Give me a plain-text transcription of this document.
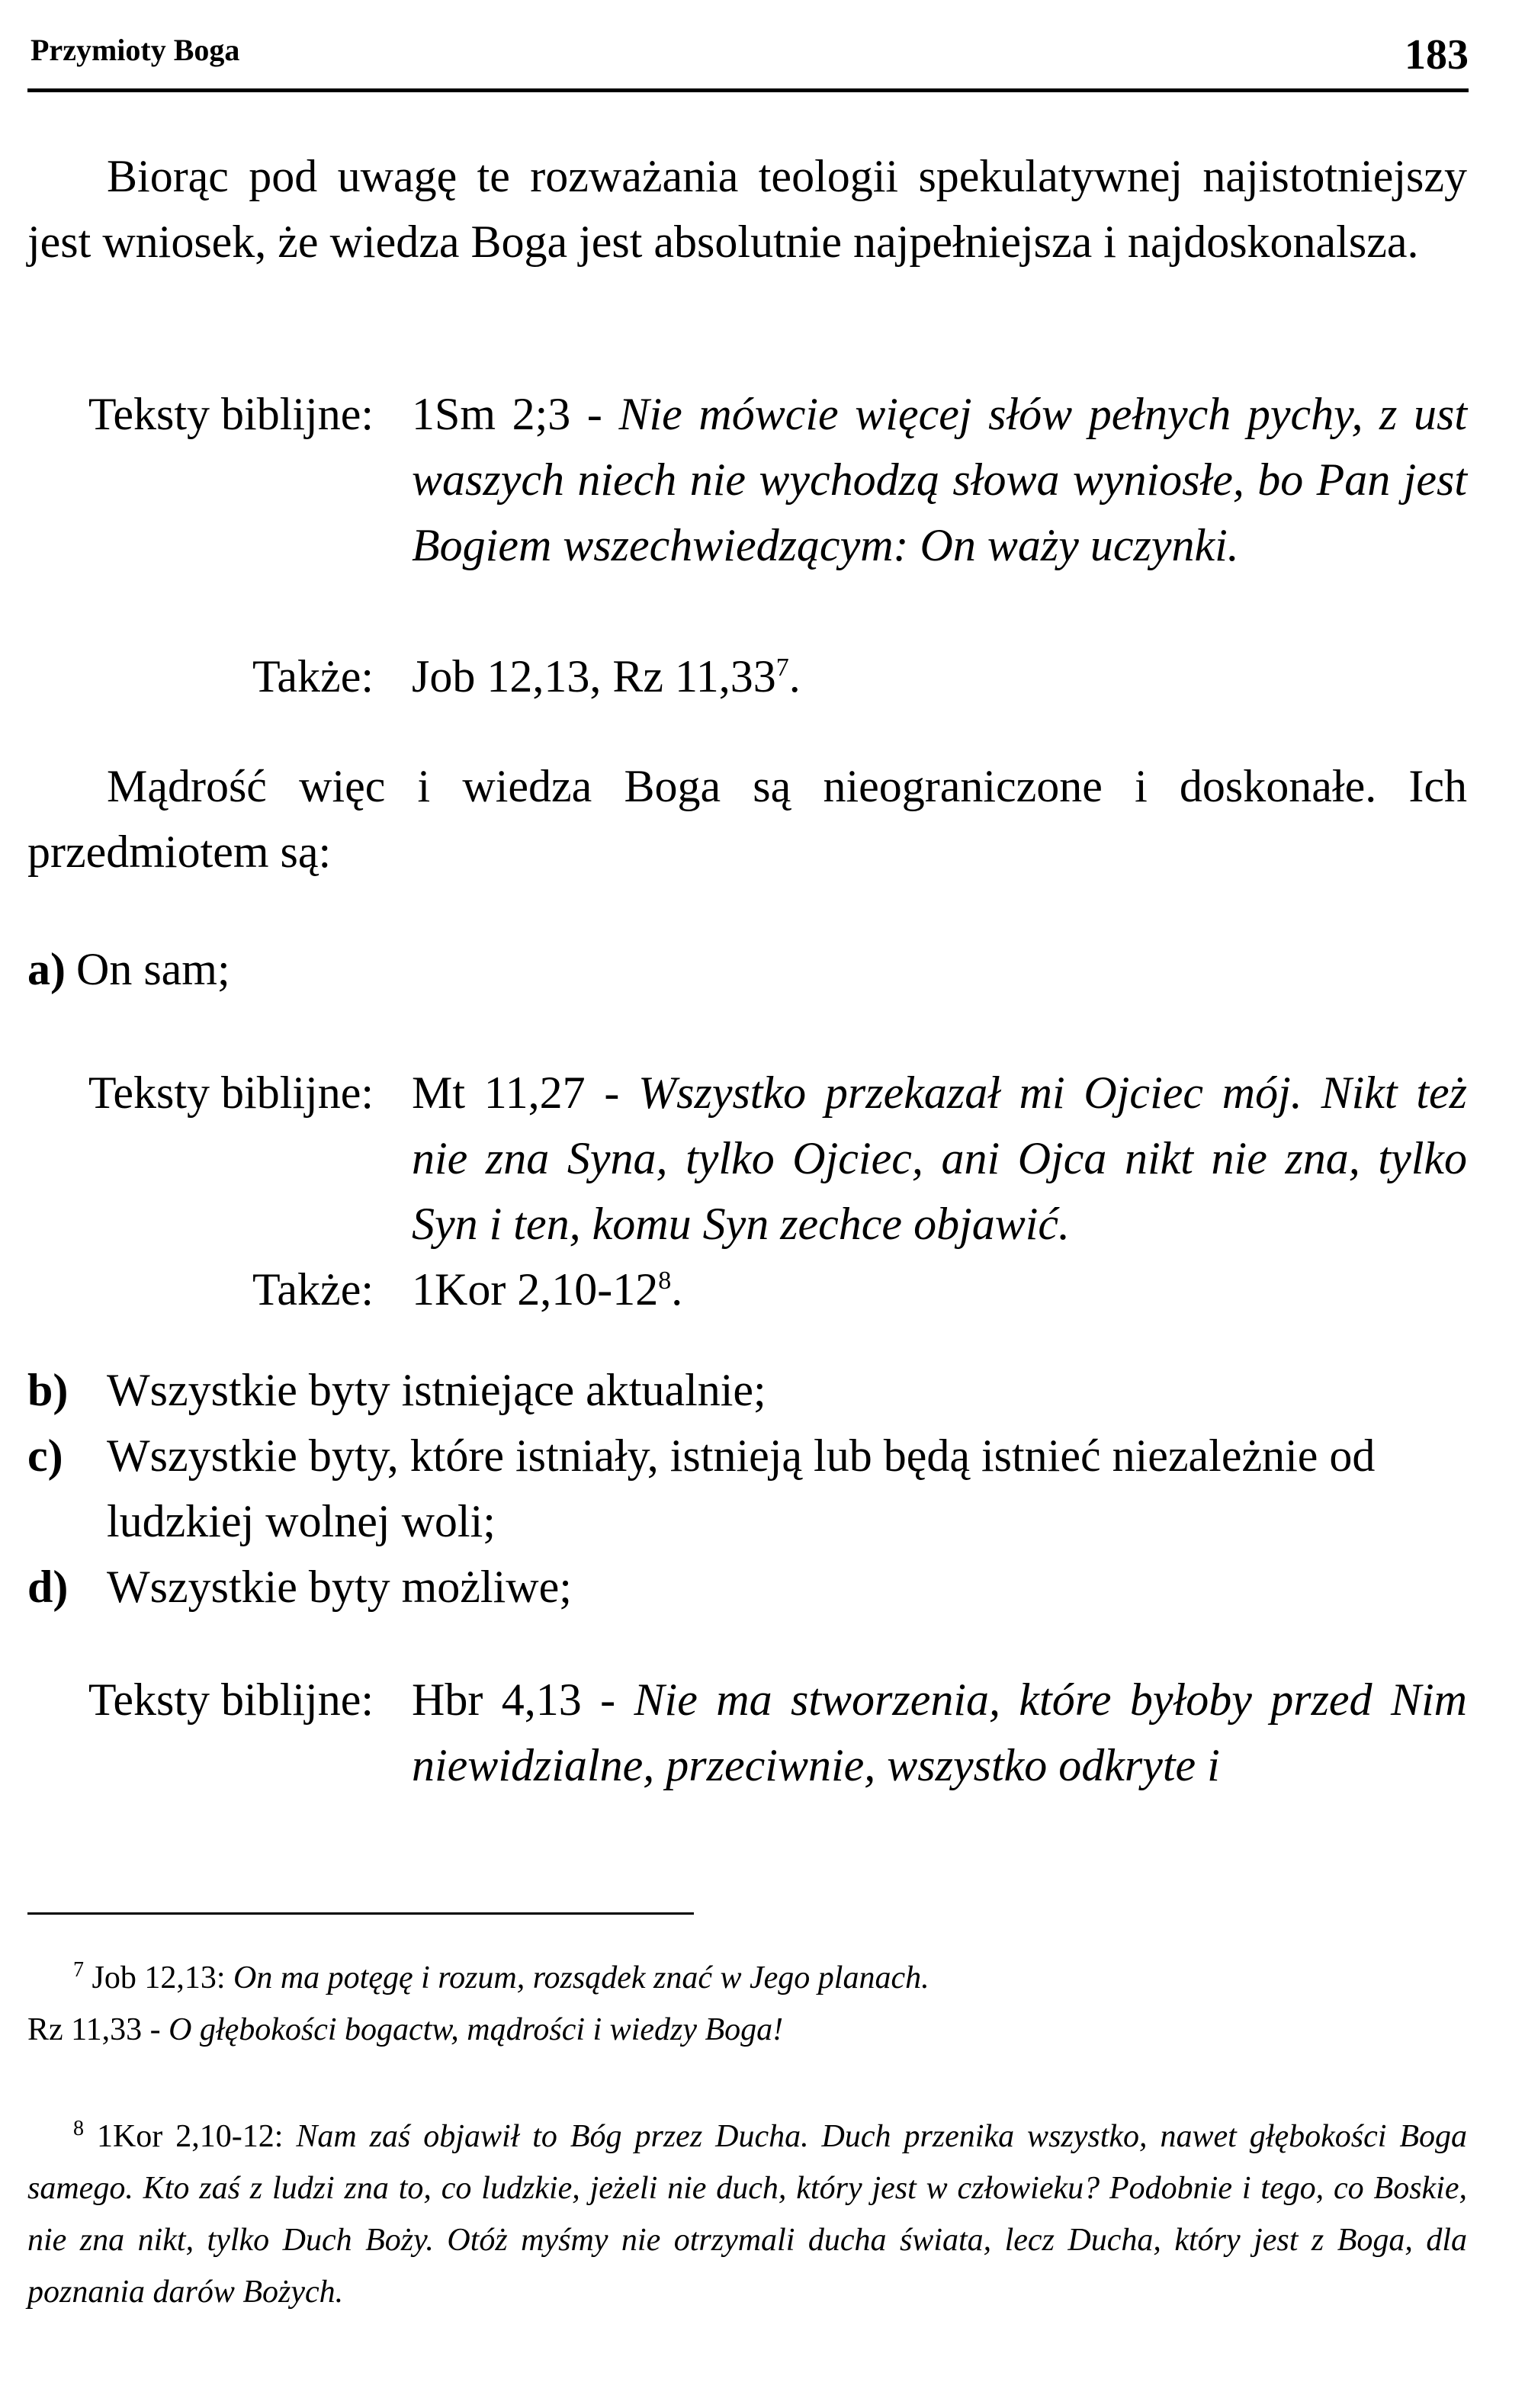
Przymioty Boga	183

Biorąc pod uwagę te rozważania teologii spekulatywnej najistotniejszy jest wniosek, że wiedza Boga jest absolutnie najpełniejsza i najdoskonalsza.

Teksty biblijne: 1Sm 2;3 - Nie mówcie więcej słów pełnych pychy, z ust waszych niech nie wychodzą słowa wyniosłe, bo Pan jest Bogiem wszechwiedzącym: On waży uczynki.
Także: Job 12,13, Rz 11,33$^7$.

Mądrość więc i wiedza Boga są nieograniczone i doskonałe. Ich przedmiotem są:

a) On sam;
Teksty biblijne: Mt 11,27 - Wszystko przekazał mi Ojciec mój. Nikt też nie zna Syna, tylko Ojciec, ani Ojca nikt nie zna, tylko Syn i ten, komu Syn zechce objawić.
Także: 1Kor $2,10-12^8$.
b) Wszystkie byty istniejące aktualnie;
c) Wszystkie byty, które istniały, istnieją lub będą istnieć niezależnie od ludzkiej wolnej woli;
d) Wszystkie byty możliwe;
Teksty biblijne: Hbr 4,13 - Nie ma stworzenia, które byłoby przed Nim niewidzialne, przeciwnie, wszystko odkryte i
$^7$ Job 12,13: On ma potęgę i rozum, rozsądek znać w Jego planach.
Rz 11,33 - O głębokości bogactw, mądrości i wiedzy Boga!
$^8$ 1Kor 2,10-12: Nam zaś objawił to Bóg przez Ducha. Duch przenika wszystko, nawet głębokości Boga samego. Kto zaś z ludzi zna to, co ludzkie, jeżeli nie duch, który jest w człowieku? Podobnie i tego, co Boskie, nie zna nikt, tylko Duch Boży. Otóż myśmy nie otrzymali ducha świata, lecz Ducha, który jest z Boga, dla poznania darów Bożych.
